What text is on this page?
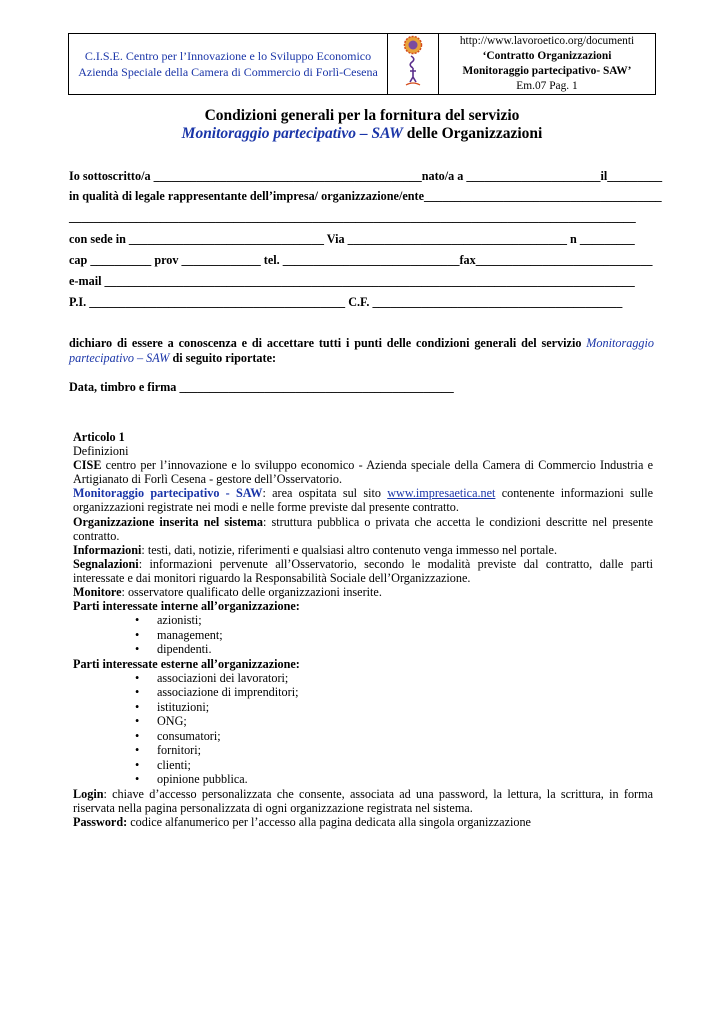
C.I.S.E. Centro per l’Innovazione e lo Sviluppo Economico
Azienda Speciale della Camera di Commercio di Forlì-Cesena

http://www.lavoroetico.org/documenti
‘Contratto Organizzazioni
Monitoraggio partecipativo- SAW’
Em.07 Pag. 1
Condizioni generali per la fornitura del servizio
Monitoraggio partecipativo – SAW delle Organizzazioni
Io sottoscritto/a ____________________________________________nato/a a ______________________il_________
in qualità di legale rappresentante dell’impresa/ organizzazione/ente_______________________________________
_____________________________________________________________________________________________
con sede in ________________________________ Via ____________________________________ n _________
cap __________ prov _____________ tel. _____________________________fax_____________________________
e-mail _______________________________________________________________________________________
P.I. __________________________________________ C.F. _________________________________________
dichiaro di essere a conoscenza e di accettare tutti i punti delle condizioni generali del servizio Monitoraggio partecipativo – SAW di seguito riportate:
Data, timbro e firma _____________________________________________

Articolo 1

Definizioni

CISE centro per l’innovazione e lo sviluppo economico - Azienda speciale della Camera di Commercio Industria e Artigianato di Forlì Cesena - gestore dell’Osservatorio.

Monitoraggio partecipativo - SAW: area ospitata sul sito www.impresaetica.net contenente informazioni sulle organizzazioni registrate nei modi e nelle forme previste dal presente contratto.

Organizzazione inserita nel sistema: struttura pubblica o privata che accetta le condizioni descritte nel presente contratto.

Informazioni: testi, dati, notizie, riferimenti e qualsiasi altro contenuto venga immesso nel portale.

Segnalazioni: informazioni pervenute all’Osservatorio, secondo le modalità previste dal contratto, dalle parti interessate e dai monitori riguardo la Responsabilità Sociale dell’Organizzazione.

Monitore: osservatore qualificato delle organizzazioni inserite.

Parti interessate interne all’organizzazione:

• azionisti;
• management;
• dipendenti.

Parti interessate esterne all’organizzazione:

• associazioni dei lavoratori;
• associazione di imprenditori;
• istituzioni;
• ONG;
• consumatori;
• fornitori;
• clienti;
• opinione pubblica.

Login: chiave d’accesso personalizzata che consente, associata ad una password, la lettura, la scrittura, in forma riservata nella pagina personalizzata di ogni organizzazione registrata nel sistema.

Password: codice alfanumerico per l’accesso alla pagina dedicata alla singola organizzazione
